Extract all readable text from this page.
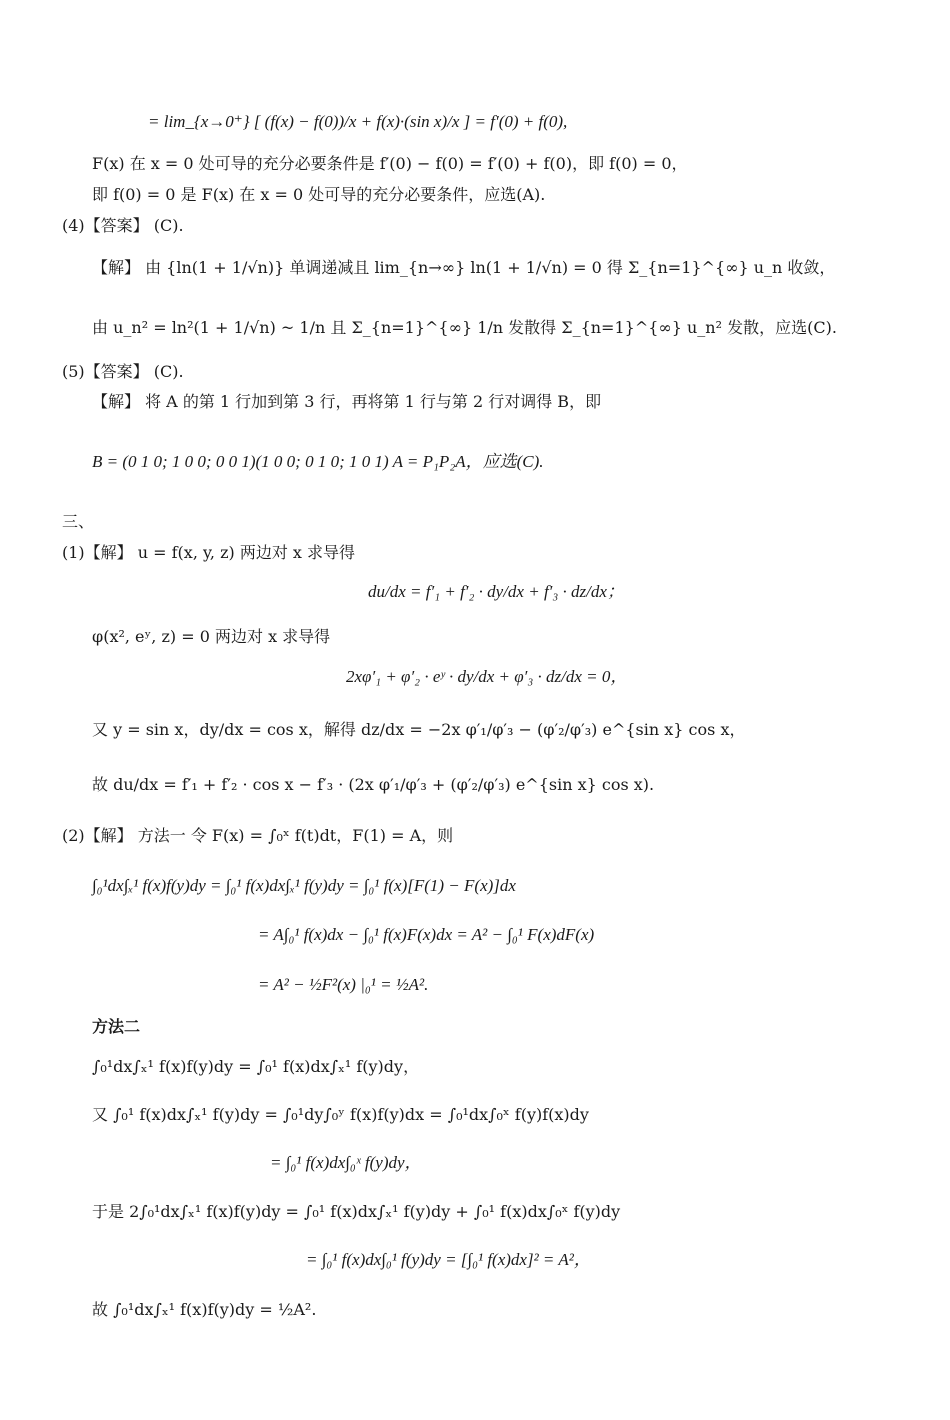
= lim_{x→0⁺} [ (f(x) − f(0))/x + f(x)·(sin x)/x ] = f′(0) + f(0),
F(x) 在 x = 0 处可导的充分必要条件是 f′(0) − f(0) = f′(0) + f(0)，即 f(0) = 0，
即 f(0) = 0 是 F(x) 在 x = 0 处可导的充分必要条件，应选(A).
(4)【答案】 (C).
【解】 由 {ln(1 + 1/√n)} 单调递减且 lim_{n→∞} ln(1 + 1/√n) = 0 得 Σ_{n=1}^{∞} u_n 收敛，
由 u_n² = ln²(1 + 1/√n) ~ 1/n 且 Σ_{n=1}^{∞} 1/n 发散得 Σ_{n=1}^{∞} u_n² 发散，应选(C).
(5)【答案】 (C).
【解】 将 A 的第 1 行加到第 3 行，再将第 1 行与第 2 行对调得 B，即
B = (0 1 0; 1 0 0; 0 0 1)(1 0 0; 0 1 0; 1 0 1) A = P₁P₂A，应选(C).
三、
(1)【解】 u = f(x, y, z) 两边对 x 求导得
du/dx = f′₁ + f′₂ · dy/dx + f′₃ · dz/dx；
φ(x², eʸ, z) = 0 两边对 x 求导得
2xφ′₁ + φ′₂ · eʸ · dy/dx + φ′₃ · dz/dx = 0，
又 y = sin x，dy/dx = cos x，解得 dz/dx = −2x φ′₁/φ′₃ − (φ′₂/φ′₃) e^{sin x} cos x，
故 du/dx = f′₁ + f′₂ · cos x − f′₃ · (2x φ′₁/φ′₃ + (φ′₂/φ′₃) e^{sin x} cos x).
(2)【解】 方法一 令 F(x) = ∫₀ˣ f(t)dt，F(1) = A，则
∫₀¹dx∫ₓ¹ f(x)f(y)dy = ∫₀¹ f(x)dx∫ₓ¹ f(y)dy = ∫₀¹ f(x)[F(1) − F(x)]dx
= A∫₀¹ f(x)dx − ∫₀¹ f(x)F(x)dx = A² − ∫₀¹ F(x)dF(x)
= A² − ½F²(x) |₀¹ = ½A².
方法二
∫₀¹dx∫ₓ¹ f(x)f(y)dy = ∫₀¹ f(x)dx∫ₓ¹ f(y)dy，
又 ∫₀¹ f(x)dx∫ₓ¹ f(y)dy = ∫₀¹dy∫₀ʸ f(x)f(y)dx = ∫₀¹dx∫₀ˣ f(y)f(x)dy
= ∫₀¹ f(x)dx∫₀ˣ f(y)dy，
于是 2∫₀¹dx∫ₓ¹ f(x)f(y)dy = ∫₀¹ f(x)dx∫ₓ¹ f(y)dy + ∫₀¹ f(x)dx∫₀ˣ f(y)dy
= ∫₀¹ f(x)dx∫₀¹ f(y)dy = [∫₀¹ f(x)dx]² = A²，
故 ∫₀¹dx∫ₓ¹ f(x)f(y)dy = ½A².
